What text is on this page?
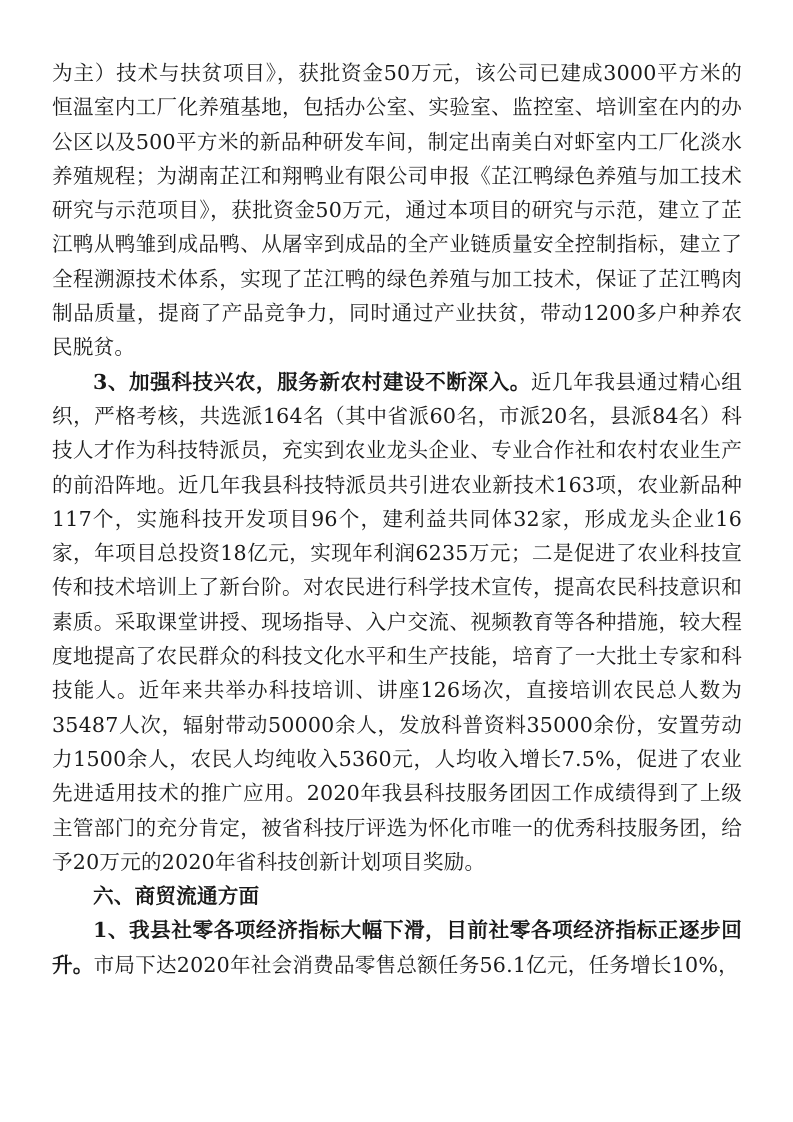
为主）技术与扶贫项目》，获批资金50万元，该公司已建成3000平方米的恒温室内工厂化养殖基地，包括办公室、实验室、监控室、培训室在内的办公区以及500平方米的新品种研发车间，制定出南美白对虾室内工厂化淡水养殖规程；为湖南芷江和翔鸭业有限公司申报《芷江鸭绿色养殖与加工技术研究与示范项目》，获批资金50万元，通过本项目的研究与示范，建立了芷江鸭从鸭雏到成品鸭、从屠宰到成品的全产业链质量安全控制指标，建立了全程溯源技术体系，实现了芷江鸭的绿色养殖与加工技术，保证了芷江鸭肉制品质量，提商了产品竞争力，同时通过产业扶贫，带动1200多户种养农民脱贫。

3、加强科技兴农，服务新农村建设不断深入。近几年我县通过精心组织，严格考核，共选派164名（其中省派60名，市派20名，县派84名）科技人才作为科技特派员，充实到农业龙头企业、专业合作社和农村农业生产的前沿阵地。近几年我县科技特派员共引进农业新技术163项，农业新品种117个，实施科技开发项目96个，建利益共同体32家，形成龙头企业16家，年项目总投资18亿元，实现年利润6235万元；二是促进了农业科技宣传和技术培训上了新台阶。对农民进行科学技术宣传，提高农民科技意识和素质。采取课堂讲授、现场指导、入户交流、视频教育等各种措施，较大程度地提高了农民群众的科技文化水平和生产技能，培育了一大批土专家和科技能人。近年来共举办科技培训、讲座126场次，直接培训农民总人数为35487人次，辐射带动50000余人，发放科普资料35000余份，安置劳动力1500余人，农民人均纯收入5360元，人均收入增长7.5%，促进了农业先进适用技术的推广应用。2020年我县科技服务团因工作成绩得到了上级主管部门的充分肯定，被省科技厅评选为怀化市唯一的优秀科技服务团，给予20万元的2020年省科技创新计划项目奖励。

六、商贸流通方面

1、我县社零各项经济指标大幅下滑，目前社零各项经济指标正逐步回升。市局下达2020年社会消费品零售总额任务56.1亿元，任务增长10%，
